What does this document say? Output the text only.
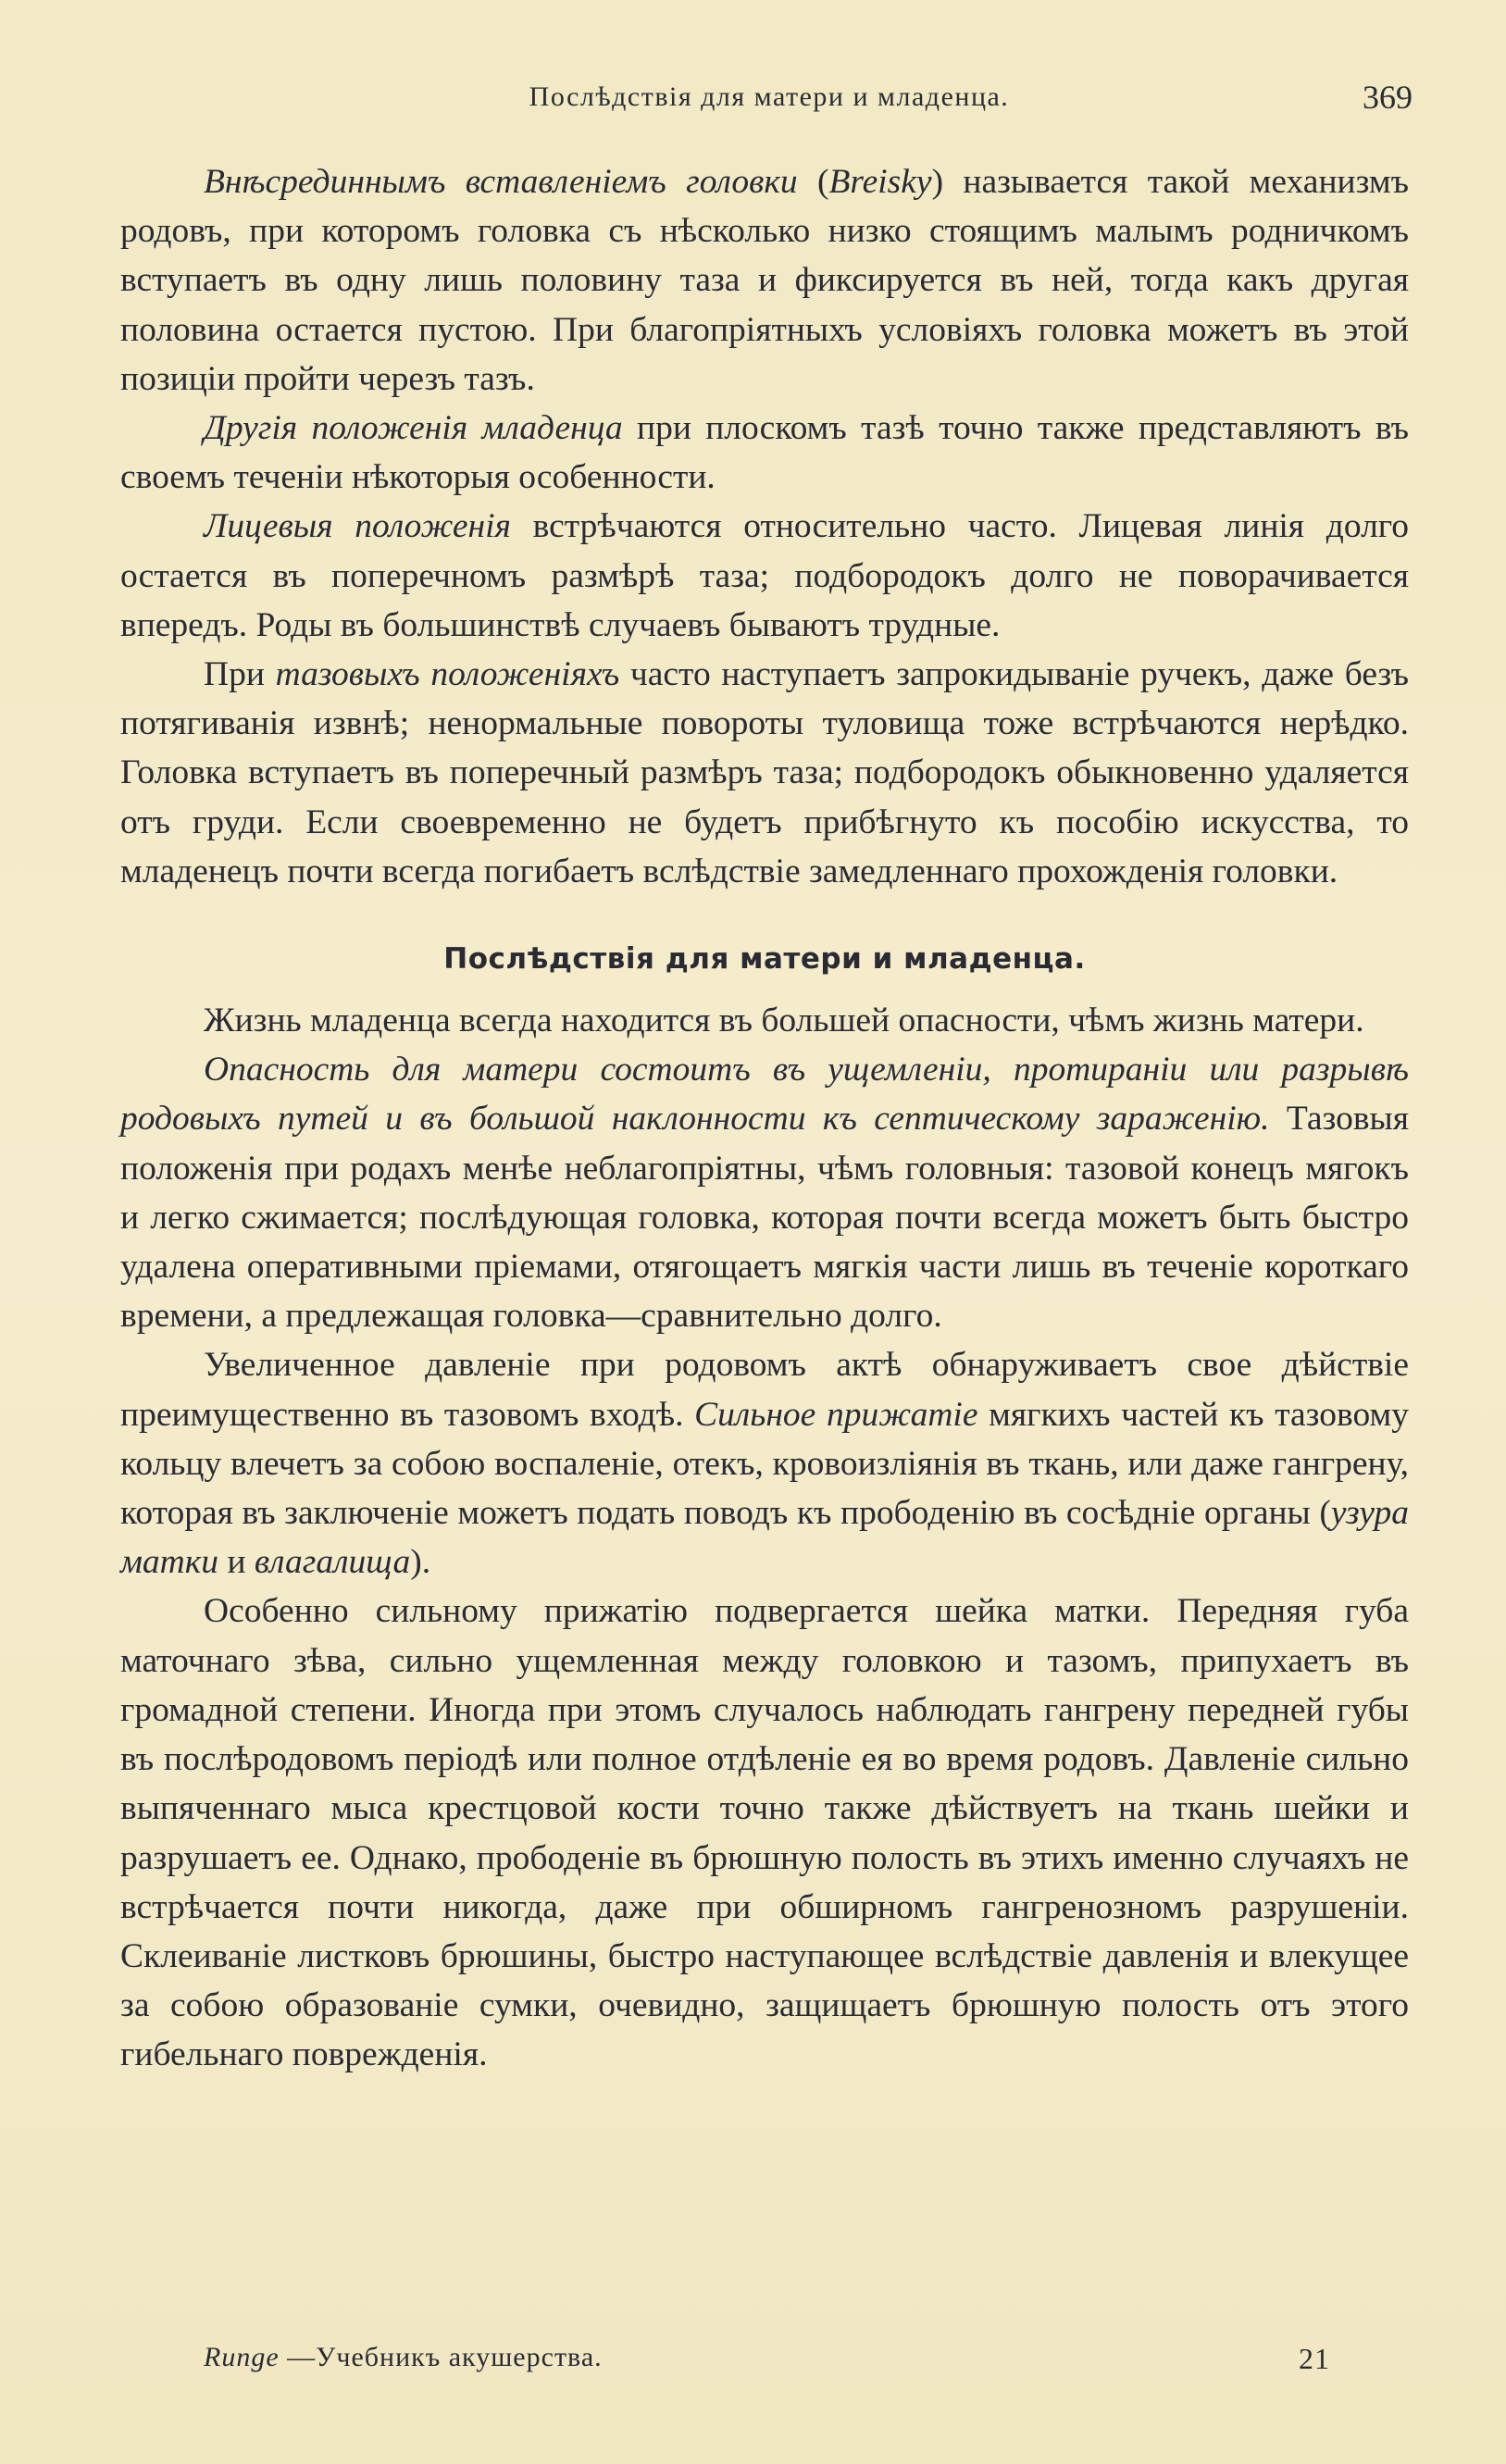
Послѣдствія для матери и младенца.	369

Внѣсрединнымъ вставленіемъ головки (Breisky) называется такой механизмъ родовъ, при которомъ головка съ нѣсколько низко стоящимъ малымъ родничкомъ вступаетъ въ одну лишь половину таза и фиксируется въ ней, тогда какъ другая половина остается пустою. При благопріятныхъ условіяхъ головка можетъ въ этой позиціи пройти черезъ тазъ.

Другія положенія младенца при плоскомъ тазѣ точно также представляютъ въ своемъ теченіи нѣкоторыя особенности.

Лицевыя положенія встрѣчаются относительно часто. Лицевая линія долго остается въ поперечномъ размѣрѣ таза; подбородокъ долго не поворачивается впередъ. Роды въ большинствѣ случаевъ бываютъ трудные.

При тазовыхъ положеніяхъ часто наступаетъ запрокидываніе ручекъ, даже безъ потягиванія извнѣ; ненормальные повороты туловища тоже встрѣчаются нерѣдко. Головка вступаетъ въ поперечный размѣръ таза; подбородокъ обыкновенно удаляется отъ груди. Если своевременно не будетъ прибѣгнуто къ пособію искусства, то младенецъ почти всегда погибаетъ вслѣдствіе замедленнаго прохожденія головки.

Послѣдствія для матери и младенца.

Жизнь младенца всегда находится въ большей опасности, чѣмъ жизнь матери.

Опасность для матери состоитъ въ ущемленіи, протираніи или разрывѣ родовыхъ путей и въ большой наклонности къ септическому зараженію. Тазовыя положенія при родахъ менѣе неблагопріятны, чѣмъ головныя: тазовой конецъ мягокъ и легко сжимается; послѣдующая головка, которая почти всегда можетъ быть быстро удалена оперативными пріемами, отягощаетъ мягкія части лишь въ теченіе короткаго времени, а предлежащая головка—сравнительно долго.

Увеличенное давленіе при родовомъ актѣ обнаруживаетъ свое дѣйствіе преимущественно въ тазовомъ входѣ. Сильное прижатіе мягкихъ частей къ тазовому кольцу влечетъ за собою воспаленіе, отекъ, кровоизліянія въ ткань, или даже гангрену, которая въ заключеніе можетъ подать поводъ къ прободенію въ сосѣдніе органы (узура матки и влагалища).

Особенно сильному прижатію подвергается шейка матки. Передняя губа маточнаго зѣва, сильно ущемленная между головкою и тазомъ, припухаетъ въ громадной степени. Иногда при этомъ случалось наблюдать гангрену передней губы въ послѣродовомъ періодѣ или полное отдѣленіе ея во время родовъ. Давленіе сильно выпяченнаго мыса крестцовой кости точно также дѣйствуетъ на ткань шейки и разрушаетъ ее. Однако, прободеніе въ брюшную полость въ этихъ именно случаяхъ не встрѣчается почти никогда, даже при обширномъ гангренозномъ разрушеніи. Склеиваніе листковъ брюшины, быстро наступающее вслѣдствіе давленія и влекущее за собою образованіе сумки, очевидно, защищаетъ брюшную полость отъ этого гибельнаго поврежденія.

Runge —Учебникъ акушерства.	21
